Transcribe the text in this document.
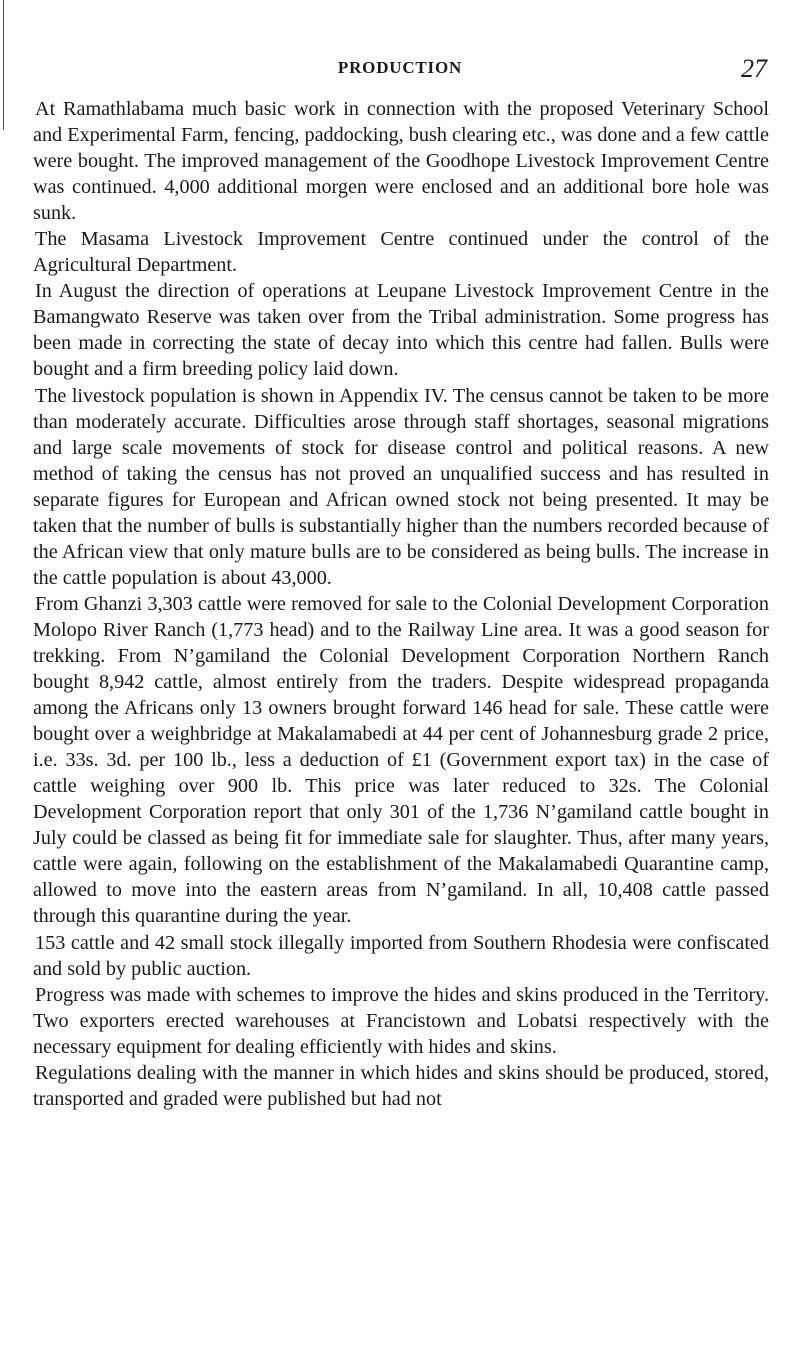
PRODUCTION	27

At Ramathlabama much basic work in connection with the proposed Veterinary School and Experimental Farm, fencing, paddocking, bush clearing etc., was done and a few cattle were bought. The improved management of the Goodhope Livestock Improvement Centre was continued. 4,000 additional morgen were enclosed and an additional bore hole was sunk.

The Masama Livestock Improvement Centre continued under the control of the Agricultural Department.

In August the direction of operations at Leupane Livestock Improvement Centre in the Bamangwato Reserve was taken over from the Tribal administration. Some progress has been made in correcting the state of decay into which this centre had fallen. Bulls were bought and a firm breeding policy laid down.

The livestock population is shown in Appendix IV. The census cannot be taken to be more than moderately accurate. Difficulties arose through staff shortages, seasonal migrations and large scale movements of stock for disease control and political reasons. A new method of taking the census has not proved an unqualified success and has resulted in separate figures for European and African owned stock not being presented. It may be taken that the number of bulls is substantially higher than the numbers recorded because of the African view that only mature bulls are to be considered as being bulls. The increase in the cattle population is about 43,000.

From Ghanzi 3,303 cattle were removed for sale to the Colonial Development Corporation Molopo River Ranch (1,773 head) and to the Railway Line area. It was a good season for trekking. From N’gamiland the Colonial Development Corporation Northern Ranch bought 8,942 cattle, almost entirely from the traders. Despite widespread propaganda among the Africans only 13 owners brought forward 146 head for sale. These cattle were bought over a weighbridge at Makalamabedi at 44 per cent of Johannesburg grade 2 price, i.e. 33s. 3d. per 100 lb., less a deduction of £1 (Government export tax) in the case of cattle weighing over 900 lb. This price was later reduced to 32s. The Colonial Development Corporation report that only 301 of the 1,736 N’gamiland cattle bought in July could be classed as being fit for immediate sale for slaughter. Thus, after many years, cattle were again, following on the establishment of the Makalamabedi Quarantine camp, allowed to move into the eastern areas from N’gamiland. In all, 10,408 cattle passed through this quarantine during the year.

153 cattle and 42 small stock illegally imported from Southern Rhodesia were confiscated and sold by public auction.

Progress was made with schemes to improve the hides and skins produced in the Territory. Two exporters erected warehouses at Francistown and Lobatsi respectively with the necessary equipment for dealing efficiently with hides and skins.

Regulations dealing with the manner in which hides and skins should be produced, stored, transported and graded were published but had not
